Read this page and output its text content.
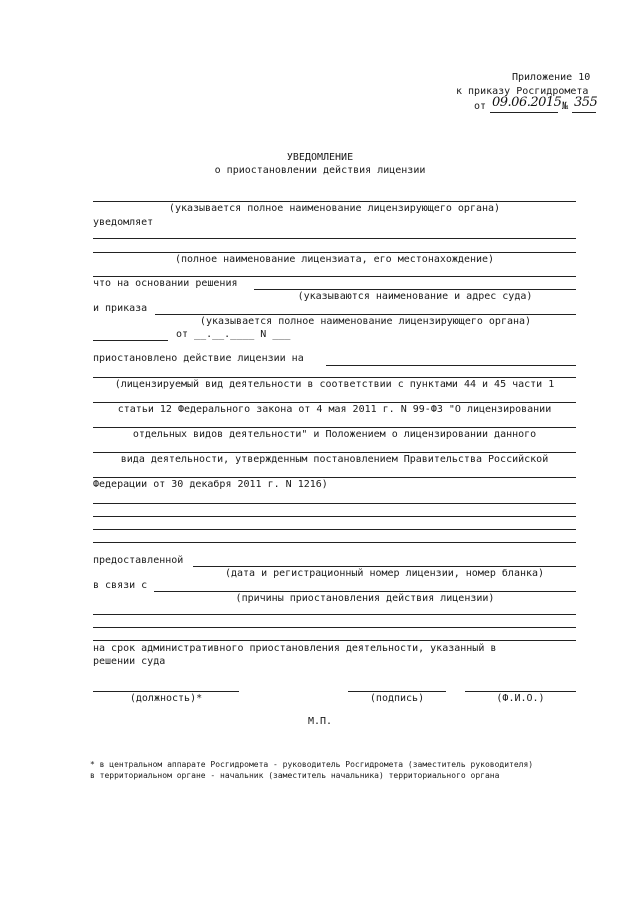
Приложение 10
к приказу Росгидромета
от 09.06.2015 № 355
УВЕДОМЛЕНИЕ
о приостановлении действия лицензии
(указывается полное наименование лицензирующего органа)
уведомляет
(полное наименование лицензиата, его местонахождение)
что на основании решения
(указываются наименование и адрес суда)
и приказа
(указывается полное наименование лицензирующего органа)
от __.__.____ N ___
приостановлено действие лицензии на
(лицензируемый вид деятельности в соответствии с пунктами 44 и 45 части 1
статьи 12 Федерального закона от 4 мая 2011 г. N 99-ФЗ "О лицензировании
отдельных видов деятельности" и Положением о лицензировании данного
вида деятельности, утвержденным постановлением Правительства Российской
Федерации от 30 декабря 2011 г. N 1216)
предоставленной
(дата и регистрационный номер лицензии, номер бланка)
в связи с
(причины приостановления действия лицензии)
на срок административного приостановления деятельности, указанный в
решении суда
(должность)*	(подпись)	(Ф.И.О.)
М.П.
* в центральном аппарате Росгидромета - руководитель Росгидромета (заместитель руководителя)
в территориальном органе - начальник (заместитель начальника) территориального органа
